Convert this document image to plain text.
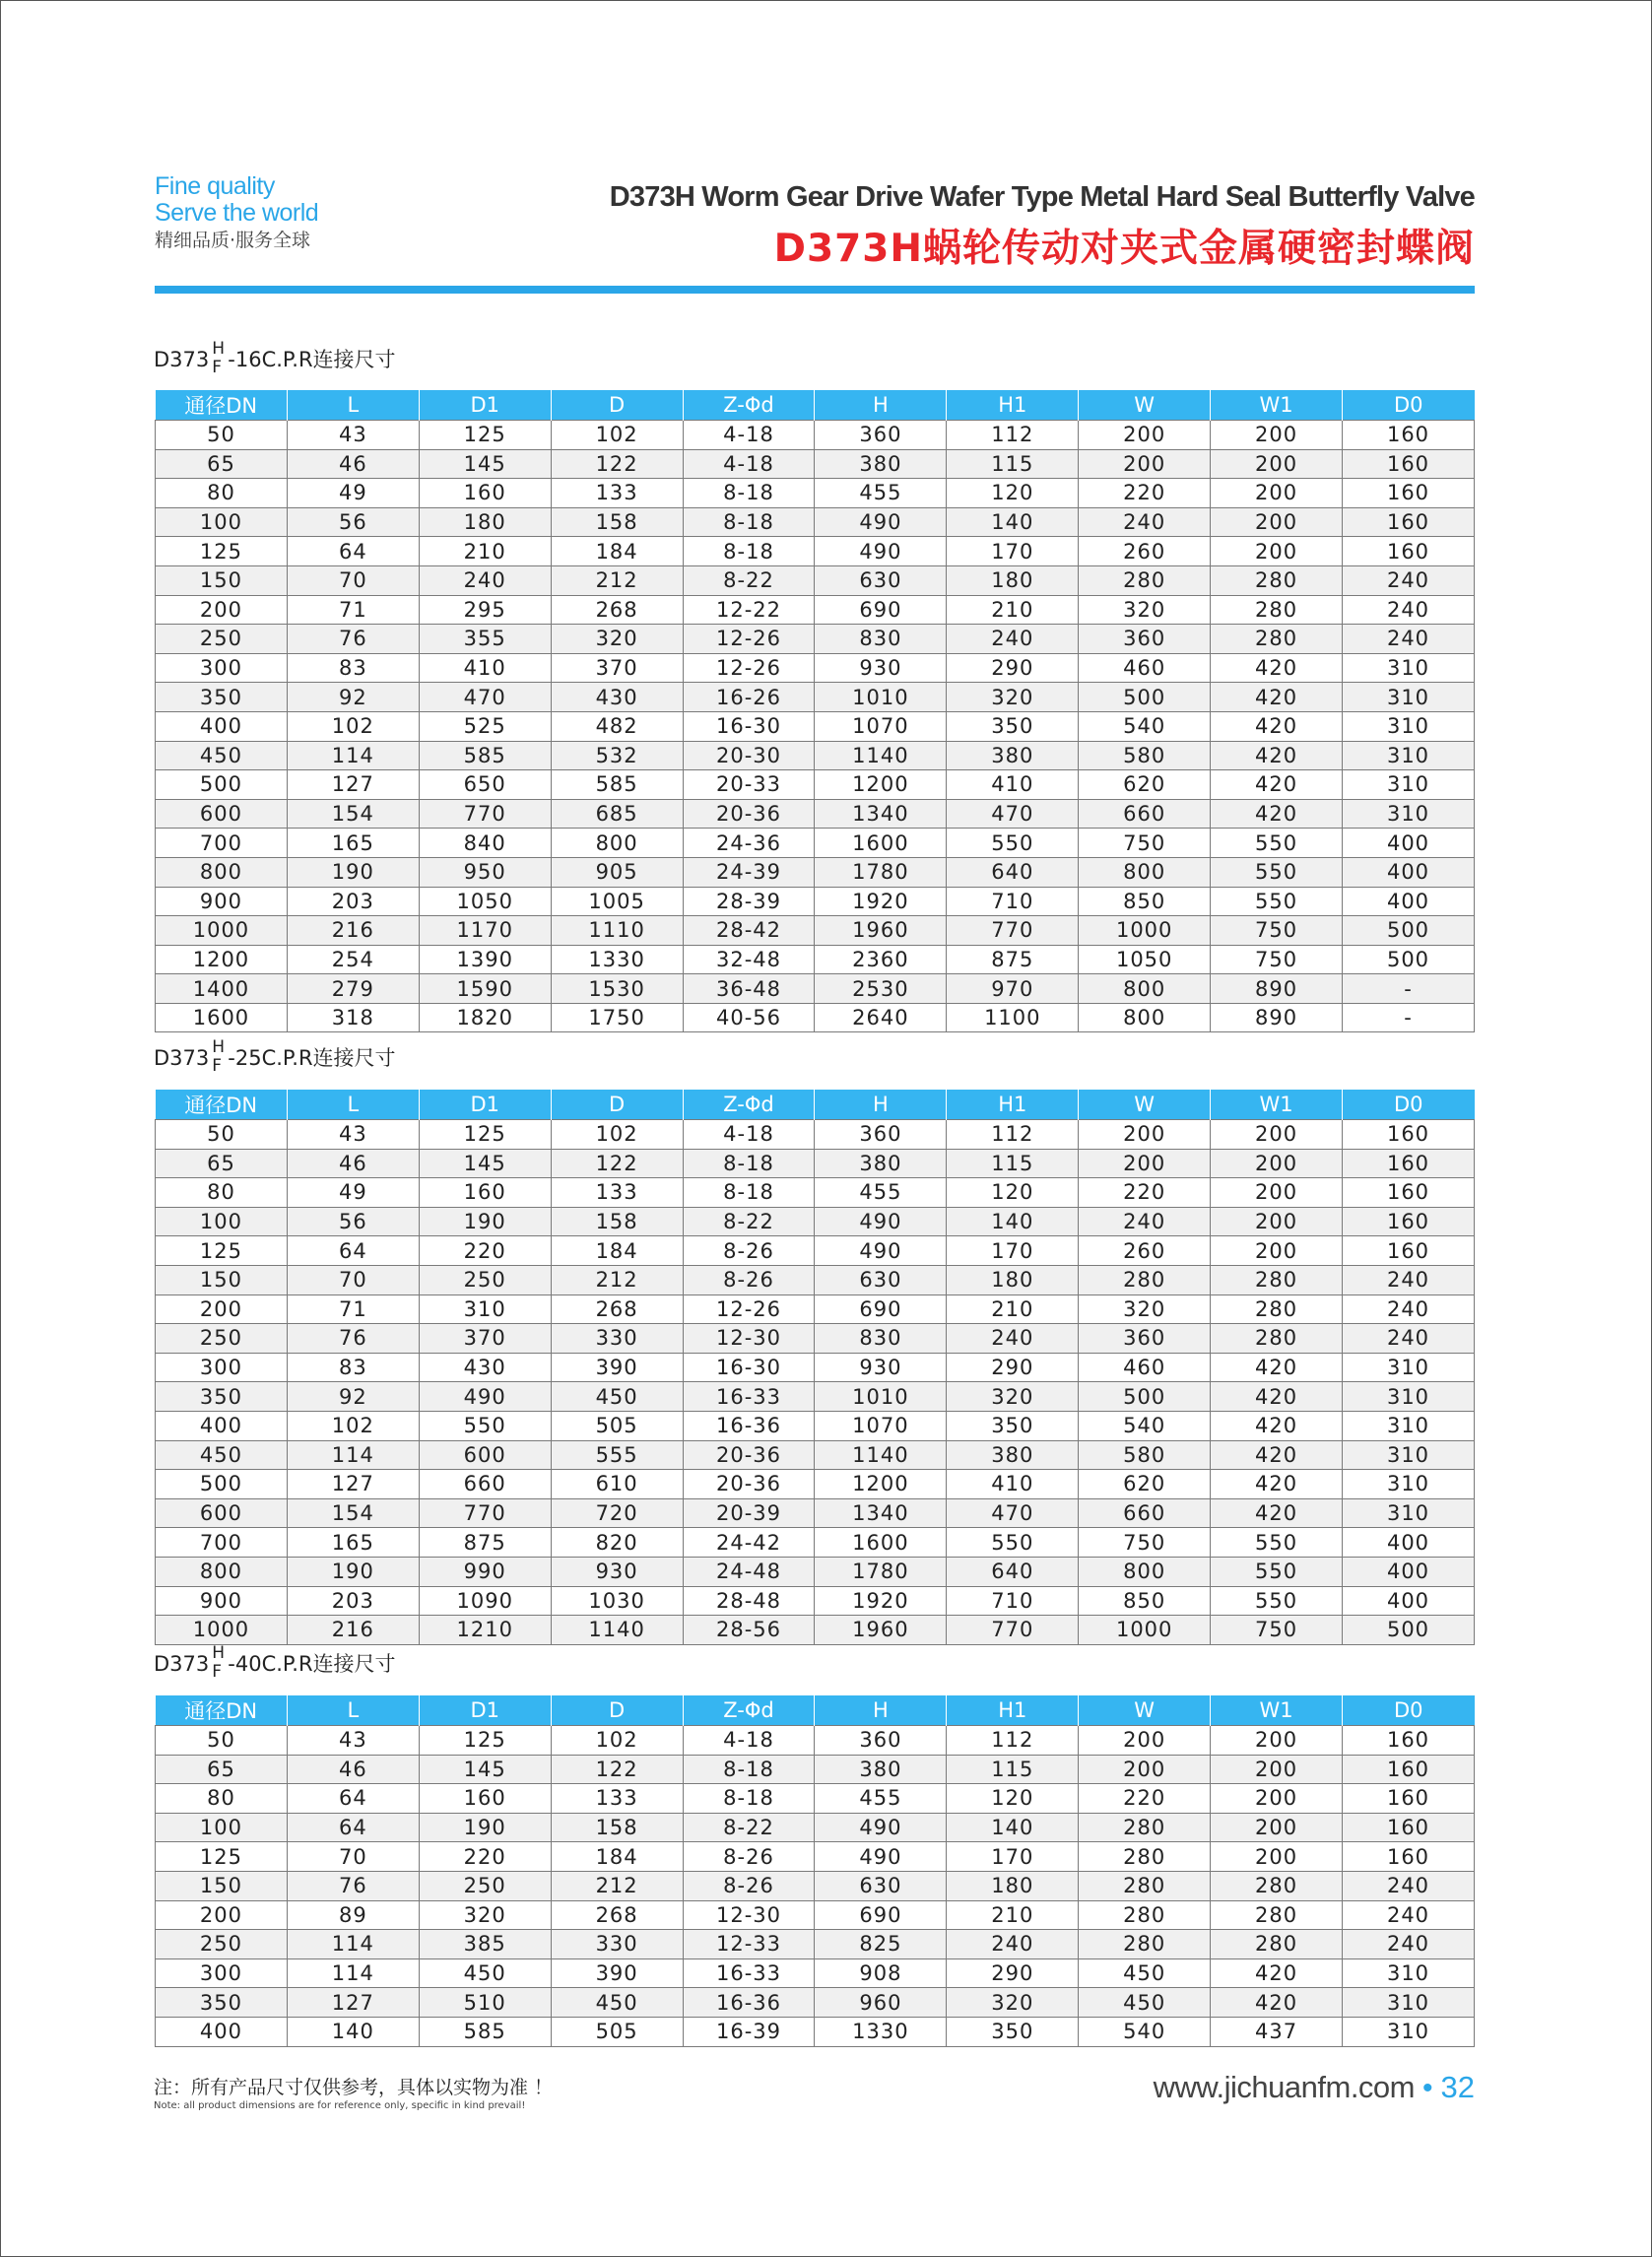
Fine quality
Serve the world
精细品质·服务全球
D373H Worm Gear Drive Wafer Type Metal Hard Seal Butterfly Valve
D373H蜗轮传动对夹式金属硬密封蝶阀
D373 H
F -16C.P.R连接尺寸
通径DN	L	D1	D	Z-Φd	H	H1	W	W1	D0
50	43	125	102	4-18	360	112	200	200	160
65	46	145	122	4-18	380	115	200	200	160
80	49	160	133	8-18	455	120	220	200	160
100	56	180	158	8-18	490	140	240	200	160
125	64	210	184	8-18	490	170	260	200	160
150	70	240	212	8-22	630	180	280	280	240
200	71	295	268	12-22	690	210	320	280	240
250	76	355	320	12-26	830	240	360	280	240
300	83	410	370	12-26	930	290	460	420	310
350	92	470	430	16-26	1010	320	500	420	310
400	102	525	482	16-30	1070	350	540	420	310
450	114	585	532	20-30	1140	380	580	420	310
500	127	650	585	20-33	1200	410	620	420	310
600	154	770	685	20-36	1340	470	660	420	310
700	165	840	800	24-36	1600	550	750	550	400
800	190	950	905	24-39	1780	640	800	550	400
900	203	1050	1005	28-39	1920	710	850	550	400
1000	216	1170	1110	28-42	1960	770	1000	750	500
1200	254	1390	1330	32-48	2360	875	1050	750	500
1400	279	1590	1530	36-48	2530	970	800	890	-
1600	318	1820	1750	40-56	2640	1100	800	890	-
D373 H
F -25C.P.R连接尺寸
通径DN	L	D1	D	Z-Φd	H	H1	W	W1	D0
50	43	125	102	4-18	360	112	200	200	160
65	46	145	122	8-18	380	115	200	200	160
80	49	160	133	8-18	455	120	220	200	160
100	56	190	158	8-22	490	140	240	200	160
125	64	220	184	8-26	490	170	260	200	160
150	70	250	212	8-26	630	180	280	280	240
200	71	310	268	12-26	690	210	320	280	240
250	76	370	330	12-30	830	240	360	280	240
300	83	430	390	16-30	930	290	460	420	310
350	92	490	450	16-33	1010	320	500	420	310
400	102	550	505	16-36	1070	350	540	420	310
450	114	600	555	20-36	1140	380	580	420	310
500	127	660	610	20-36	1200	410	620	420	310
600	154	770	720	20-39	1340	470	660	420	310
700	165	875	820	24-42	1600	550	750	550	400
800	190	990	930	24-48	1780	640	800	550	400
900	203	1090	1030	28-48	1920	710	850	550	400
1000	216	1210	1140	28-56	1960	770	1000	750	500
D373 H
F -40C.P.R连接尺寸
通径DN	L	D1	D	Z-Φd	H	H1	W	W1	D0
50	43	125	102	4-18	360	112	200	200	160
65	46	145	122	8-18	380	115	200	200	160
80	64	160	133	8-18	455	120	220	200	160
100	64	190	158	8-22	490	140	280	200	160
125	70	220	184	8-26	490	170	280	200	160
150	76	250	212	8-26	630	180	280	280	240
200	89	320	268	12-30	690	210	280	280	240
250	114	385	330	12-33	825	240	280	280	240
300	114	450	390	16-33	908	290	450	420	310
350	127	510	450	16-36	960	320	450	420	310
400	140	585	505	16-39	1330	350	540	437	310
注：所有产品尺寸仅供参考，具体以实物为准 ！
Note: all product dimensions are for reference only, specific in kind prevail!
www.jichuanfm.com • 32
